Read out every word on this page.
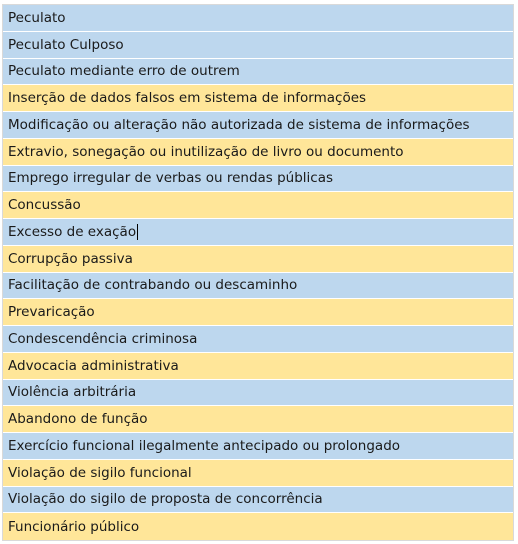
Peculato
Peculato Culposo
Peculato mediante erro de outrem
Inserção de dados falsos em sistema de informações
Modificação ou alteração não autorizada de sistema de informações
Extravio, sonegação ou inutilização de livro ou documento
Emprego irregular de verbas ou rendas públicas
Concussão
Excesso de exação
Corrupção passiva
Facilitação de contrabando ou descaminho
Prevaricação
Condescendência criminosa
Advocacia administrativa
Violência arbitrária
Abandono de função
Exercício funcional ilegalmente antecipado ou prolongado
Violação de sigilo funcional
Violação do sigilo de proposta de concorrência
Funcionário público
